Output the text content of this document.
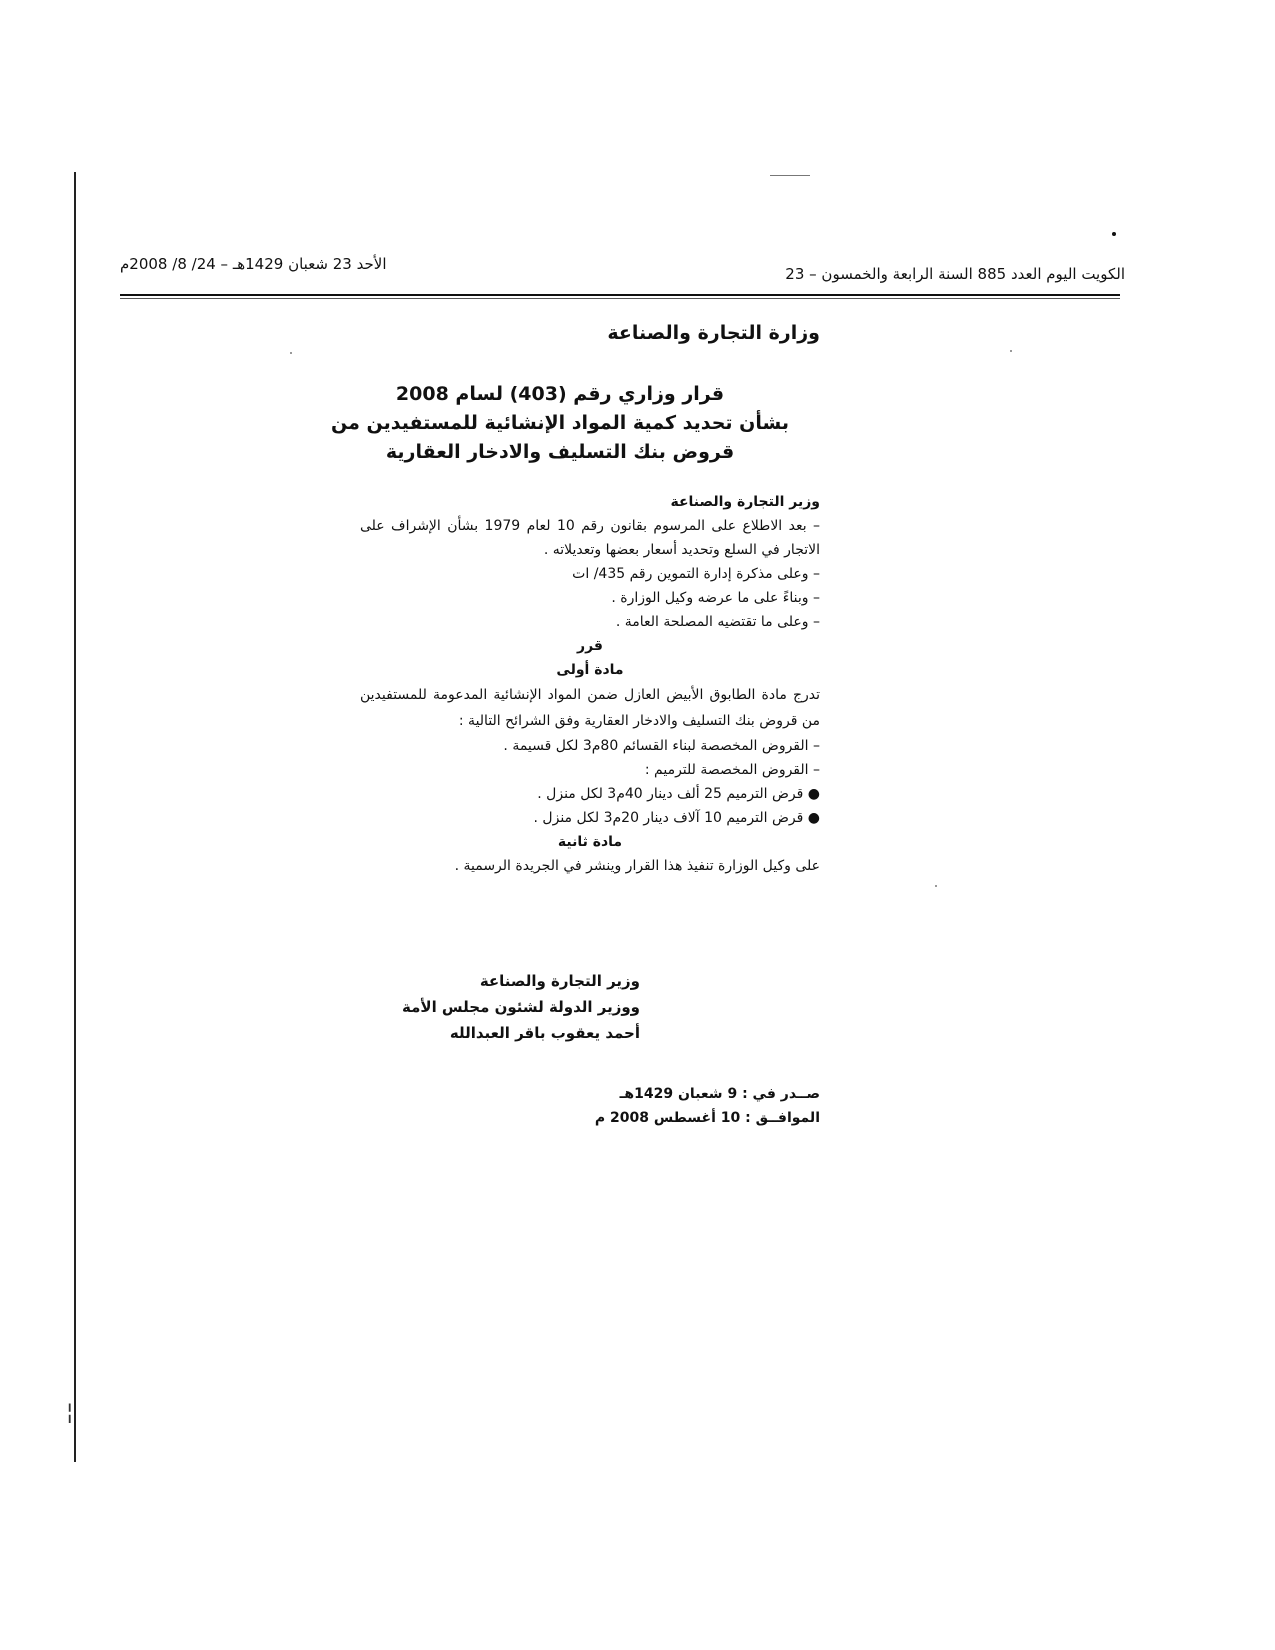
¦
الكويت اليوم العدد 885 السنة الرابعة والخمسون – 23
الأحد 23 شعبان 1429هـ – 24/ 8/ 2008م
وزارة التجارة والصناعة
قرار وزاري رقم (403) لسام 2008
بشأن تحديد كمية المواد الإنشائية للمستفيدين من
قروض بنك التسليف والادخار العقارية

وزير التجارة والصناعة

– بعد الاطلاع على المرسوم بقانون رقم 10 لعام 1979 بشأن الإشراف على الاتجار في السلع وتحديد أسعار بعضها وتعديلاته .

– وعلى مذكرة إدارة التموين رقم 435/ ات

– وبناءً على ما عرضه وكيل الوزارة .

– وعلى ما تقتضيه المصلحة العامة .

قرر

مادة أولى

تدرج مادة الطابوق الأبيض العازل ضمن المواد الإنشائية المدعومة للمستفيدين من قروض بنك التسليف والادخار العقارية وفق الشرائح التالية :

– القروض المخصصة لبناء القسائم 80م3 لكل قسيمة .

– القروض المخصصة للترميم :

● قرض الترميم 25 ألف دينار 40م3 لكل منزل .

● قرض الترميم 10 آلاف دينار 20م3 لكل منزل .

مادة ثانية

على وكيل الوزارة تنفيذ هذا القرار وينشر في الجريدة الرسمية .

وزير التجارة والصناعة
ووزير الدولة لشئون مجلس الأمة
أحمد يعقوب باقر العبدالله
صــدر في : 9 شعبان 1429هـ
الموافــق : 10 أغسطس 2008 م
